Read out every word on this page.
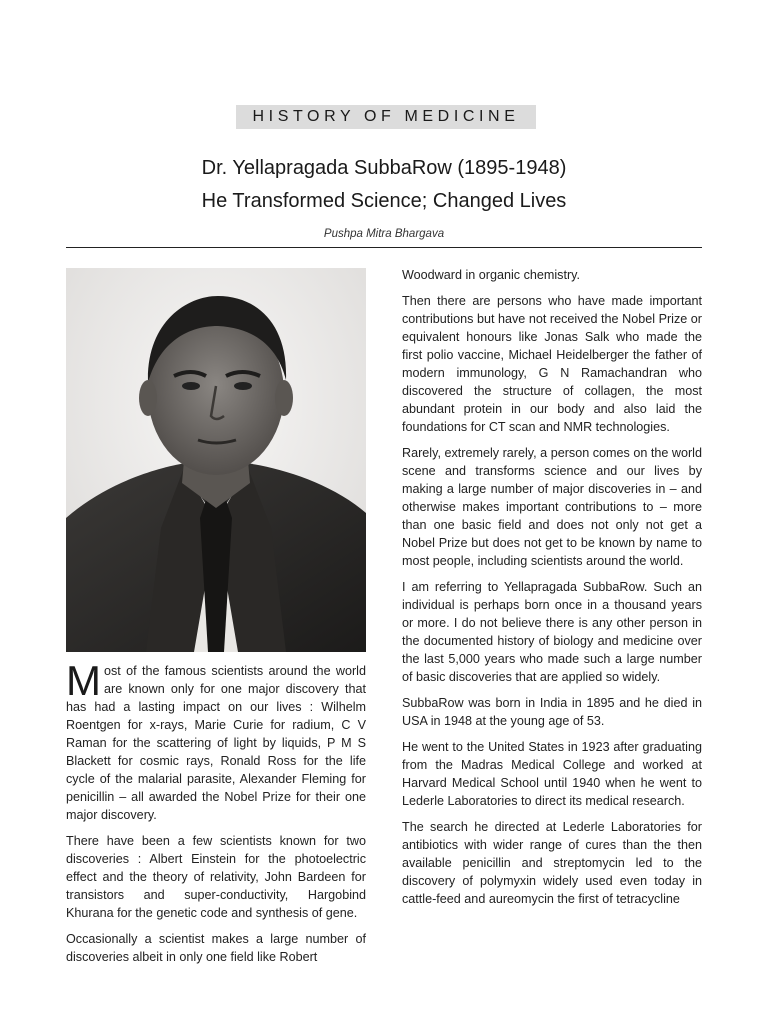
HISTORY OF MEDICINE
Dr. Yellapragada SubbaRow (1895-1948)
He Transformed Science; Changed Lives
Pushpa Mitra Bhargava

Most of the famous scientists around the world are known only for one major discovery that has had a lasting impact on our lives : Wilhelm Roentgen for x-rays, Marie Curie for radium, C V Raman for the scattering of light by liquids, P M S Blackett for cosmic rays, Ronald Ross for the life cycle of the malarial parasite, Alexander Fleming for penicillin – all awarded the Nobel Prize for their one major discovery.

There have been a few scientists known for two discoveries : Albert Einstein for the photoelectric effect and the theory of relativity, John Bardeen for transistors and super-conductivity, Hargobind Khurana for the genetic code and synthesis of gene.

Occasionally a scientist makes a large number of discoveries albeit in only one field like Robert

Woodward in organic chemistry.

Then there are persons who have made important contributions but have not received the Nobel Prize or equivalent honours like Jonas Salk who made the first polio vaccine, Michael Heidelberger the father of modern immunology, G N Ramachandran who discovered the structure of collagen, the most abundant protein in our body and also laid the foundations for CT scan and NMR technologies.

Rarely, extremely rarely, a person comes on the world scene and transforms science and our lives by making a large number of major discoveries in – and otherwise makes important contributions to – more than one basic field and does not only not get a Nobel Prize but does not get to be known by name to most people, including scientists around the world.

I am referring to Yellapragada SubbaRow. Such an individual is perhaps born once in a thousand years or more. I do not believe there is any other person in the documented history of biology and medicine over the last 5,000 years who made such a large number of basic discoveries that are applied so widely.

SubbaRow was born in India in 1895 and he died in USA in 1948 at the young age of 53.

He went to the United States in 1923 after graduating from the Madras Medical College and worked at Harvard Medical School until 1940 when he went to Lederle Laboratories to direct its medical research.

The search he directed at Lederle Laboratories for antibiotics with wider range of cures than the then available penicillin and streptomycin led to the discovery of polymyxin widely used even today in cattle-feed and aureomycin the first of tetracycline
